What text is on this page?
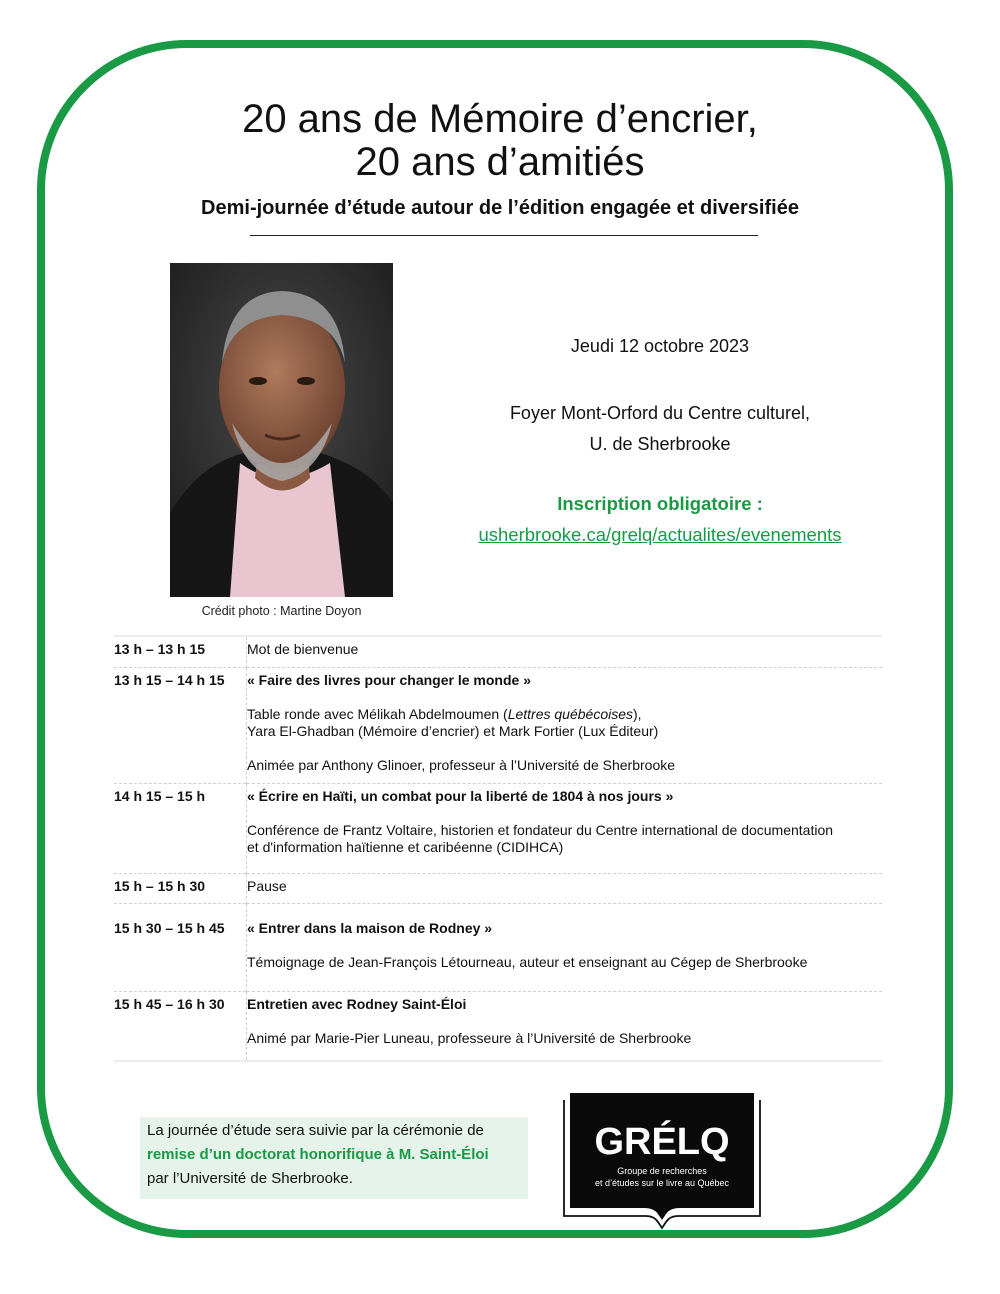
20 ans de Mémoire d’encrier,
20 ans d’amitiés
Demi-journée d’étude autour de l’édition engagée et diversifiée
Crédit photo : Martine Doyon
Jeudi 12 octobre 2023
Foyer Mont-Orford du Centre culturel,
U. de Sherbrooke
Inscription obligatoire :
usherbrooke.ca/grelq/actualites/evenements
13 h – 13 h 15	Mot de bienvenue
13 h 15 – 14 h 15	« Faire des livres pour changer le monde »
Table ronde avec Mélikah Abdelmoumen (Lettres québécoises),
Yara El-Ghadban (Mémoire d’encrier) et Mark Fortier (Lux Éditeur)
Animée par Anthony Glinoer, professeur à l’Université de Sherbrooke

14 h 15 – 15 h	« Écrire en Haïti, un combat pour la liberté de 1804 à nos jours »
Conférence de Frantz Voltaire, historien et fondateur du Centre international de documentation
et d'information haïtienne et caribéenne (CIDIHCA)

15 h – 15 h 30	Pause
15 h 30 – 15 h 45	« Entrer dans la maison de Rodney »
Témoignage de Jean-François Létourneau, auteur et enseignant au Cégep de Sherbrooke

15 h 45 – 16 h 30	Entretien avec Rodney Saint-Éloi
Animé par Marie-Pier Luneau, professeure à l’Université de Sherbrooke
La journée d’étude sera suivie par la cérémonie de
remise d’un doctorat honorifique à M. Saint-Éloi
par l’Université de Sherbrooke.
GRÉLQ
Groupe de recherches
et d’études sur le livre au Québec
